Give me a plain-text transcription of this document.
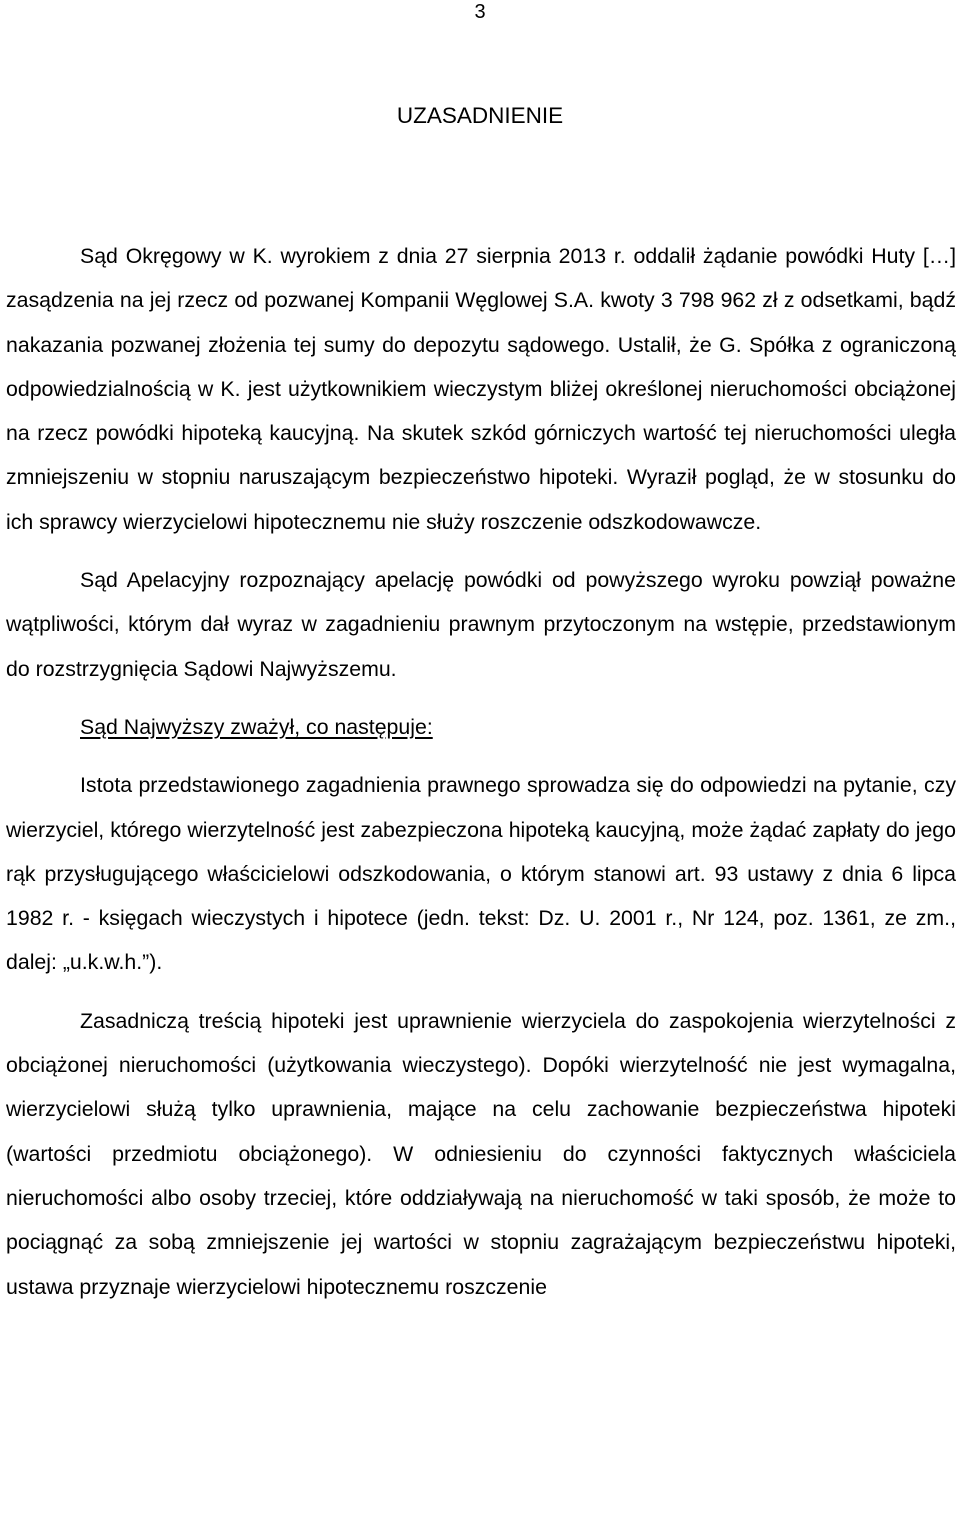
3
UZASADNIENIE

Sąd Okręgowy w K. wyrokiem z dnia 27 sierpnia 2013 r. oddalił żądanie powódki Huty […] zasądzenia na jej rzecz od pozwanej Kompanii Węglowej S.A. kwoty 3 798 962 zł z odsetkami, bądź nakazania pozwanej złożenia tej sumy do depozytu sądowego. Ustalił, że G. Spółka z ograniczoną odpowiedzialnością w K. jest użytkownikiem wieczystym bliżej określonej nieruchomości obciążonej na rzecz powódki hipoteką kaucyjną. Na skutek szkód górniczych wartość tej nieruchomości uległa zmniejszeniu w stopniu naruszającym bezpieczeństwo hipoteki. Wyraził pogląd, że w stosunku do ich sprawcy wierzycielowi hipotecznemu nie służy roszczenie odszkodowawcze.

Sąd Apelacyjny rozpoznający apelację powódki od powyższego wyroku powziął poważne wątpliwości, którym dał wyraz w zagadnieniu prawnym przytoczonym na wstępie, przedstawionym do rozstrzygnięcia Sądowi Najwyższemu.

Sąd Najwyższy zważył, co następuje:

Istota przedstawionego zagadnienia prawnego sprowadza się do odpowiedzi na pytanie, czy wierzyciel, którego wierzytelność jest zabezpieczona hipoteką kaucyjną, może żądać zapłaty do jego rąk przysługującego właścicielowi odszkodowania, o którym stanowi art. 93 ustawy z dnia 6 lipca 1982 r. - księgach wieczystych i hipotece (jedn. tekst: Dz. U. 2001 r., Nr 124, poz. 1361, ze zm., dalej: „u.k.w.h.”).

Zasadniczą treścią hipoteki jest uprawnienie wierzyciela do zaspokojenia wierzytelności z obciążonej nieruchomości (użytkowania wieczystego). Dopóki wierzytelność nie jest wymagalna, wierzycielowi służą tylko uprawnienia, mające na celu zachowanie bezpieczeństwa hipoteki (wartości przedmiotu obciążonego). W odniesieniu do czynności faktycznych właściciela nieruchomości albo osoby trzeciej, które oddziaływają na nieruchomość w taki sposób, że może to pociągnąć za sobą zmniejszenie jej wartości w stopniu zagrażającym bezpieczeństwu hipoteki, ustawa przyznaje wierzycielowi hipotecznemu roszczenie
